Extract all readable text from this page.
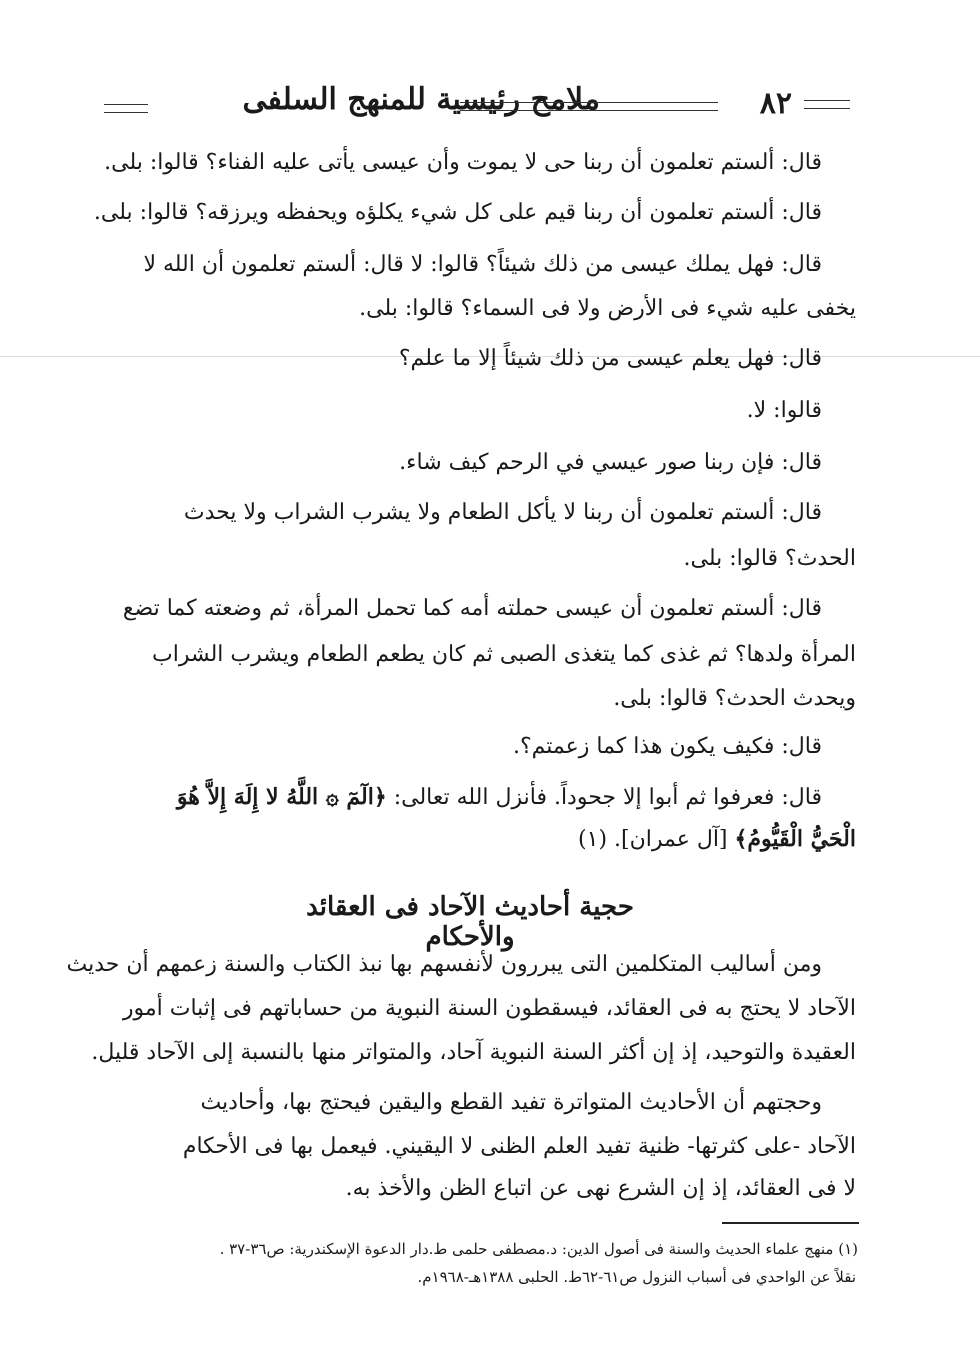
٨٢
ملامح رئيسية للمنهج السلفى
قال: ألستم تعلمون أن ربنا حى لا يموت وأن عيسى يأتى عليه الفناء؟ قالوا: بلى.
قال: ألستم تعلمون أن ربنا قيم على كل شيء يكلؤه ويحفظه ويرزقه؟ قالوا: بلى.
قال: فهل يملك عيسى من ذلك شيئاً؟ قالوا: لا قال: ألستم تعلمون أن الله لا
يخفى عليه شيء فى الأرض ولا فى السماء؟ قالوا: بلى.
قال: فهل يعلم عيسى من ذلك شيئاً إلا ما علم؟
قالوا: لا.
قال: فإن ربنا صور عيسي في الرحم كيف شاء.
قال: ألستم تعلمون أن ربنا لا يأكل الطعام ولا يشرب الشراب ولا يحدث
الحدث؟ قالوا: بلى.
قال: ألستم تعلمون أن عيسى حملته أمه كما تحمل المرأة، ثم وضعته كما تضع
المرأة ولدها؟ ثم غذى كما يتغذى الصبى ثم كان يطعم الطعام ويشرب الشراب
ويحدث الحدث؟ قالوا: بلى.
قال: فكيف يكون هذا كما زعمتم؟.
قال: فعرفوا ثم أبوا إلا جحوداً. فأنزل الله تعالى: ﴿الٓمٓ ۞ اللَّهُ لا إِلَهَ إِلاَّ هُوَ
الْحَيُّ الْقَيُّومُ﴾ [آل عمران]. (١)
حجية أحاديث الآحاد فى العقائد والأحكام
ومن أساليب المتكلمين التى يبررون لأنفسهم بها نبذ الكتاب والسنة زعمهم أن حديث
الآحاد لا يحتج به فى العقائد، فيسقطون السنة النبوية من حساباتهم فى إثبات أمور
العقيدة والتوحيد، إذ إن أكثر السنة النبوية آحاد، والمتواتر منها بالنسبة إلى الآحاد قليل.
وحجتهم أن الأحاديث المتواترة تفيد القطع واليقين فيحتج بها، وأحاديث
الآحاد -على كثرتها- ظنية تفيد العلم الظنى لا اليقيني. فيعمل بها فى الأحكام
لا فى العقائد، إذ إن الشرع نهى عن اتباع الظن والأخذ به.
(١) منهج علماء الحديث والسنة فى أصول الدين: د.مصطفى حلمى ط.دار الدعوة الإسكندرية: ص٣٦-٣٧ .
نقلاً عن الواحدي فى أسباب النزول ص٦١-٦٢ط. الحلبى ١٣٨٨هـ-١٩٦٨م.
